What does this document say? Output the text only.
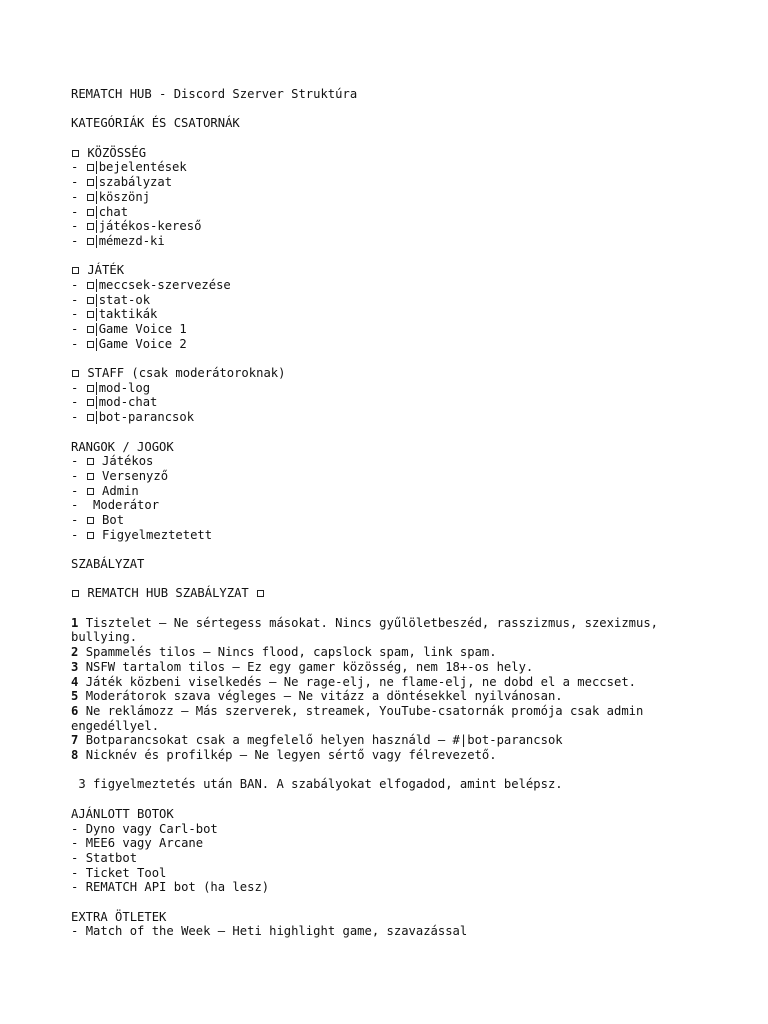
REMATCH HUB - Discord Szerver Struktúra
KATEGÓRIÁK ÉS CSATORNÁK
KÖZÖSSÉG
- bejelentések
- szabályzat
- köszönj
- chat
- játékos-kereső
- mémezd-ki
JÁTÉK
- meccsek-szervezése
- stat-ok
- taktikák
- Game Voice 1
- Game Voice 2
STAFF (csak moderátoroknak)
- mod-log
- mod-chat
- bot-parancsok
RANGOK / JOGOK
-  Játékos
-  Versenyző
-  Admin
-  Moderátor
-  Bot
-  Figyelmeztetett
SZABÁLYZAT
REMATCH HUB SZABÁLYZAT
1 Tisztelet – Ne sértegess másokat. Nincs gyűlöletbeszéd, rasszizmus, szexizmus, bullying.
2 Spammelés tilos – Nincs flood, capslock spam, link spam.
3 NSFW tartalom tilos – Ez egy gamer közösség, nem 18+-os hely.
4 Játék közbeni viselkedés – Ne rage-elj, ne flame-elj, ne dobd el a meccset.
5 Moderátorok szava végleges – Ne vitázz a döntésekkel nyilvánosan.
6 Ne reklámozz – Más szerverek, streamek, YouTube-csatornák promója csak admin engedéllyel.
7 Botparancsokat csak a megfelelő helyen használd – #|bot-parancsok
8 Nicknév és profilkép – Ne legyen sértő vagy félrevezető.
3 figyelmeztetés után BAN. A szabályokat elfogadod, amint belépsz.
AJÁNLOTT BOTOK
- Dyno vagy Carl-bot
- MEE6 vagy Arcane
- Statbot
- Ticket Tool
- REMATCH API bot (ha lesz)
EXTRA ÖTLETEK
- Match of the Week – Heti highlight game, szavazással
